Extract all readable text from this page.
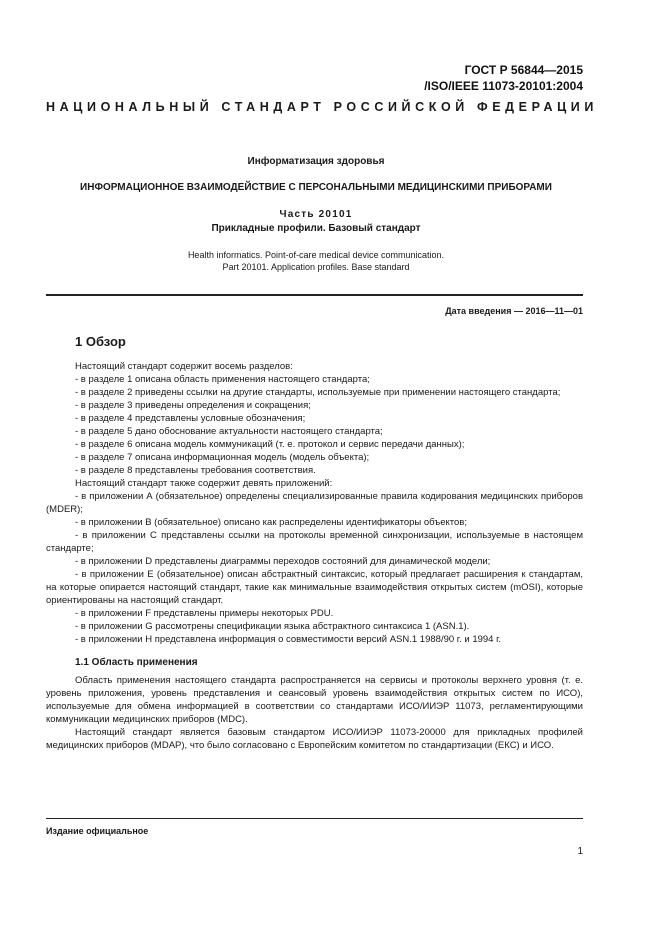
ГОСТ Р 56844—2015
/ISO/IEEE 11073-20101:2004
НАЦИОНАЛЬНЫЙ СТАНДАРТ РОССИЙСКОЙ ФЕДЕРАЦИИ
Информатизация здоровья
ИНФОРМАЦИОННОЕ ВЗАИМОДЕЙСТВИЕ С ПЕРСОНАЛЬНЫМИ МЕДИЦИНСКИМИ ПРИБОРАМИ
Часть 20101
Прикладные профили. Базовый стандарт
Health informatics. Point-of-care medical device communication.
Part 20101. Application profiles. Base standard
Дата введения — 2016—11—01
1 Обзор

Настоящий стандарт содержит восемь разделов:

- в разделе 1 описана область применения настоящего стандарта;

- в разделе 2 приведены ссылки на другие стандарты, используемые при применении настоящего стандарта;

- в разделе 3 приведены определения и сокращения;

- в разделе 4 представлены условные обозначения;

- в разделе 5 дано обоснование актуальности настоящего стандарта;

- в разделе 6 описана модель коммуникаций (т. е. протокол и сервис передачи данных);

- в разделе 7 описана информационная модель (модель объекта);

- в разделе 8 представлены требования соответствия.

Настоящий стандарт также содержит девять приложений:

- в приложении А (обязательное) определены специализированные правила кодирования медицинских приборов (MDER);

- в приложении В (обязательное) описано как распределены идентификаторы объектов;

- в приложении С представлены ссылки на протоколы временной синхронизации, используемые в настоящем стандарте;

- в приложении D представлены диаграммы переходов состояний для динамической модели;

- в приложении E (обязательное) описан абстрактный синтаксис, который предлагает расширения к стандартам, на которые опирается настоящий стандарт, такие как минимальные взаимодействия открытых систем (mOSI), которые ориентированы на настоящий стандарт.

- в приложении F представлены примеры некоторых PDU.

- в приложении G рассмотрены спецификации языка абстрактного синтаксиса 1 (ASN.1).

- в приложении H представлена информация о совместимости версий ASN.1 1988/90 г. и 1994 г.

1.1 Область применения

Область применения настоящего стандарта распространяется на сервисы и протоколы верхнего уровня (т. е. уровень приложения, уровень представления и сеансовый уровень взаимодействия открытых систем по ИСО), используемые для обмена информацией в соответствии со стандартами ИСО/ИИЭР 11073, регламентирующими коммуникации медицинских приборов (MDC).

Настоящий стандарт является базовым стандартом ИСО/ИИЭР 11073-20000 для прикладных профилей медицинских приборов (MDAP), что было согласовано с Европейским комитетом по стандартизации (ЕКС) и ИСО.

Издание официальное
1
